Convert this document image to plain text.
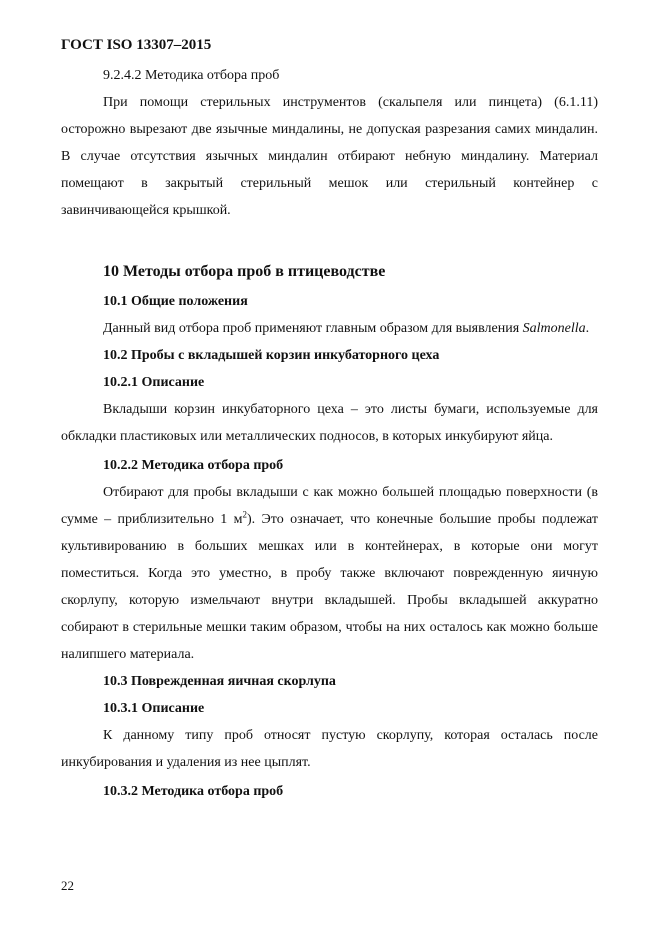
ГОСТ ISO 13307–2015

9.2.4.2 Методика отбора проб

При помощи стерильных инструментов (скальпеля или пинцета) (6.1.11) осторожно вырезают две язычные миндалины, не допуская разрезания самих миндалин. В случае отсутствия язычных миндалин отбирают небную миндалину. Материал помещают в закрытый стерильный мешок или стерильный контейнер с завинчивающейся крышкой.

10 Методы отбора проб в птицеводстве

10.1 Общие положения

Данный вид отбора проб применяют главным образом для выявления Salmonella.

10.2 Пробы с вкладышей корзин инкубаторного цеха

10.2.1 Описание

Вкладыши корзин инкубаторного цеха – это листы бумаги, используемые для обкладки пластиковых или металлических подносов, в которых инкубируют яйца.

10.2.2 Методика отбора проб

Отбирают для пробы вкладыши с как можно большей площадью поверхности (в сумме – приблизительно 1 $м^2$). Это означает, что конечные большие пробы подлежат культивированию в больших мешках или в контейнерах, в которые они могут поместиться. Когда это уместно, в пробу также включают поврежденную яичную скорлупу, которую измельчают внутри вкладышей. Пробы вкладышей аккуратно собирают в стерильные мешки таким образом, чтобы на них осталось как можно больше налипшего материала.

10.3 Поврежденная яичная скорлупа

10.3.1 Описание

К данному типу проб относят пустую скорлупу, которая осталась после инкубирования и удаления из нее цыплят.

10.3.2 Методика отбора проб

22
